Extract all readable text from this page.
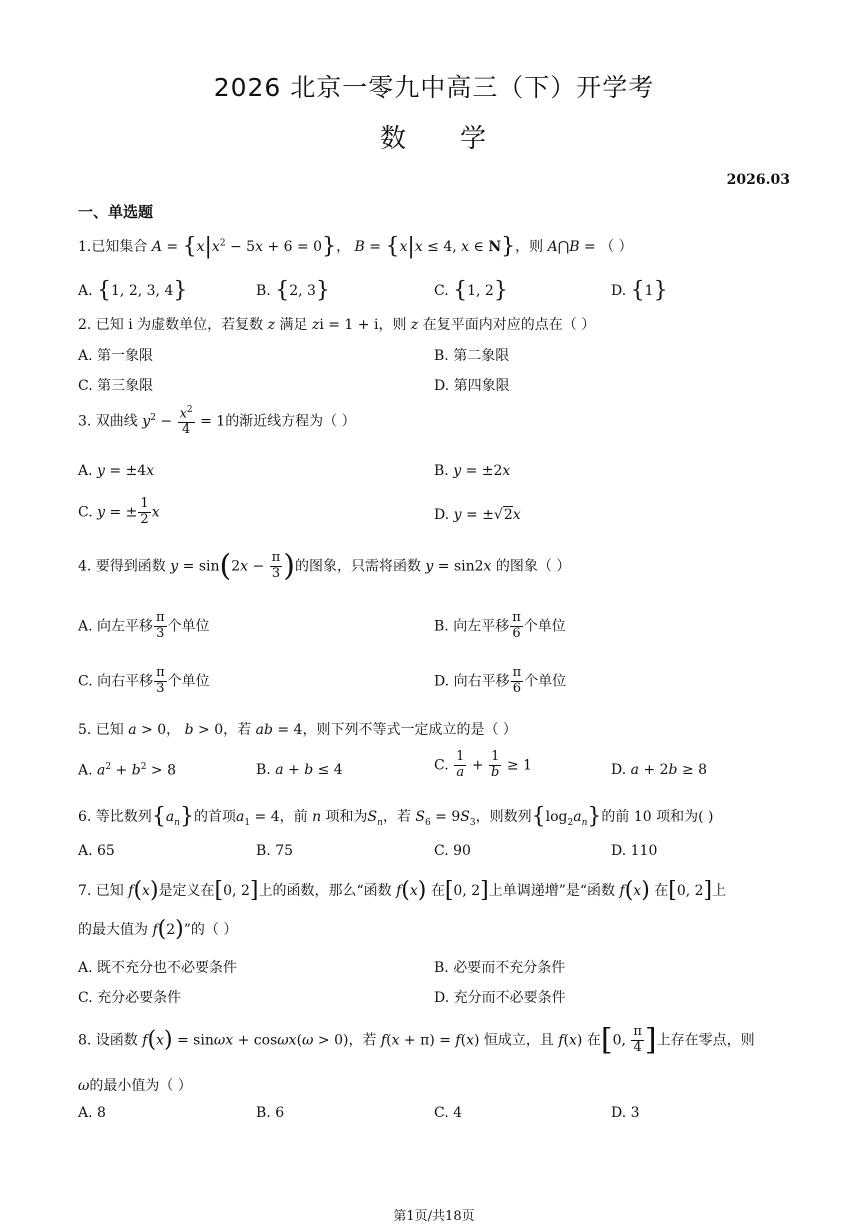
2026 北京一零九中高三（下）开学考
数 学
2026.03
一、单选题
1.已知集合 $A = \{x|x^2 - 5x + 6 = 0\}$， B = {x|x ≤ 4, x ∈ N}，则 A⋂B = （ ）
A. {1, 2, 3, 4}	B. {2, 3}	C. {1, 2}	D. {1}
2. 已知 i 为虚数单位，若复数 z 满足 zi = 1 + i，则 z 在复平面内对应的点在（ ）
A. 第一象限	B. 第二象限
C. 第三象限	D. 第四象限
3. 双曲线 $y^2 - \frac{x^2}{4} = 1$的渐近线方程为（ ）
A. y = ±4x	B. y = ±2x
C. y = ± $\frac{1}{2}$ x	D. y = ±√2x
4. 要得到函数 $y = \sin(2x - \frac{\pi}{3}$ )的图象，只需将函数 y = sin2x 的图象（ ）
A. 向左平移 $\frac{\pi}{3}$ 个单位	B. 向左平移 $\frac{\pi}{6}$ 个单位
C. 向右平移 $\frac{\pi}{3}$ 个单位	D. 向右平移 $\frac{\pi}{6}$ 个单位
5. 已知 a > 0， b > 0，若 ab = 4，则下列不等式一定成立的是（ ）
A. $a^2 + b^2 > 8$	B. a + b ≤ 4	C. $\frac{1}{a} + \frac{1}{b} \ge 1$	D. a + 2b ≥ 8
6. 等比数列$\{a_n\}$的首项$a_1 = 4$，前 n 项和为$S_n$，若 $S_6 = 9S_3$，则数列$\{\log_2a_n\}$的前 10 项和为( )
A. 65	B. 75	C. 90	D. 110
7. 已知 f(x)是定义在[0, 2]上的函数，那么“函数 f(x) 在[0, 2]上单调递增”是“函数 f(x) 在[0, 2]上
的最大值为 f(2)”的（ ）
A. 既不充分也不必要条件	B. 必要而不充分条件
C. 充分必要条件	D. 充分而不必要条件
8. 设函数 f(x) = sinωx + cosωx(ω > 0)，若 f(x + π) = f(x) 恒成立，且 f(x) 在[0, $\frac{\pi}{4}$ ]上存在零点，则
ω的最小值为（ ）
A. 8	B. 6	C. 4	D. 3
第1页/共18页
